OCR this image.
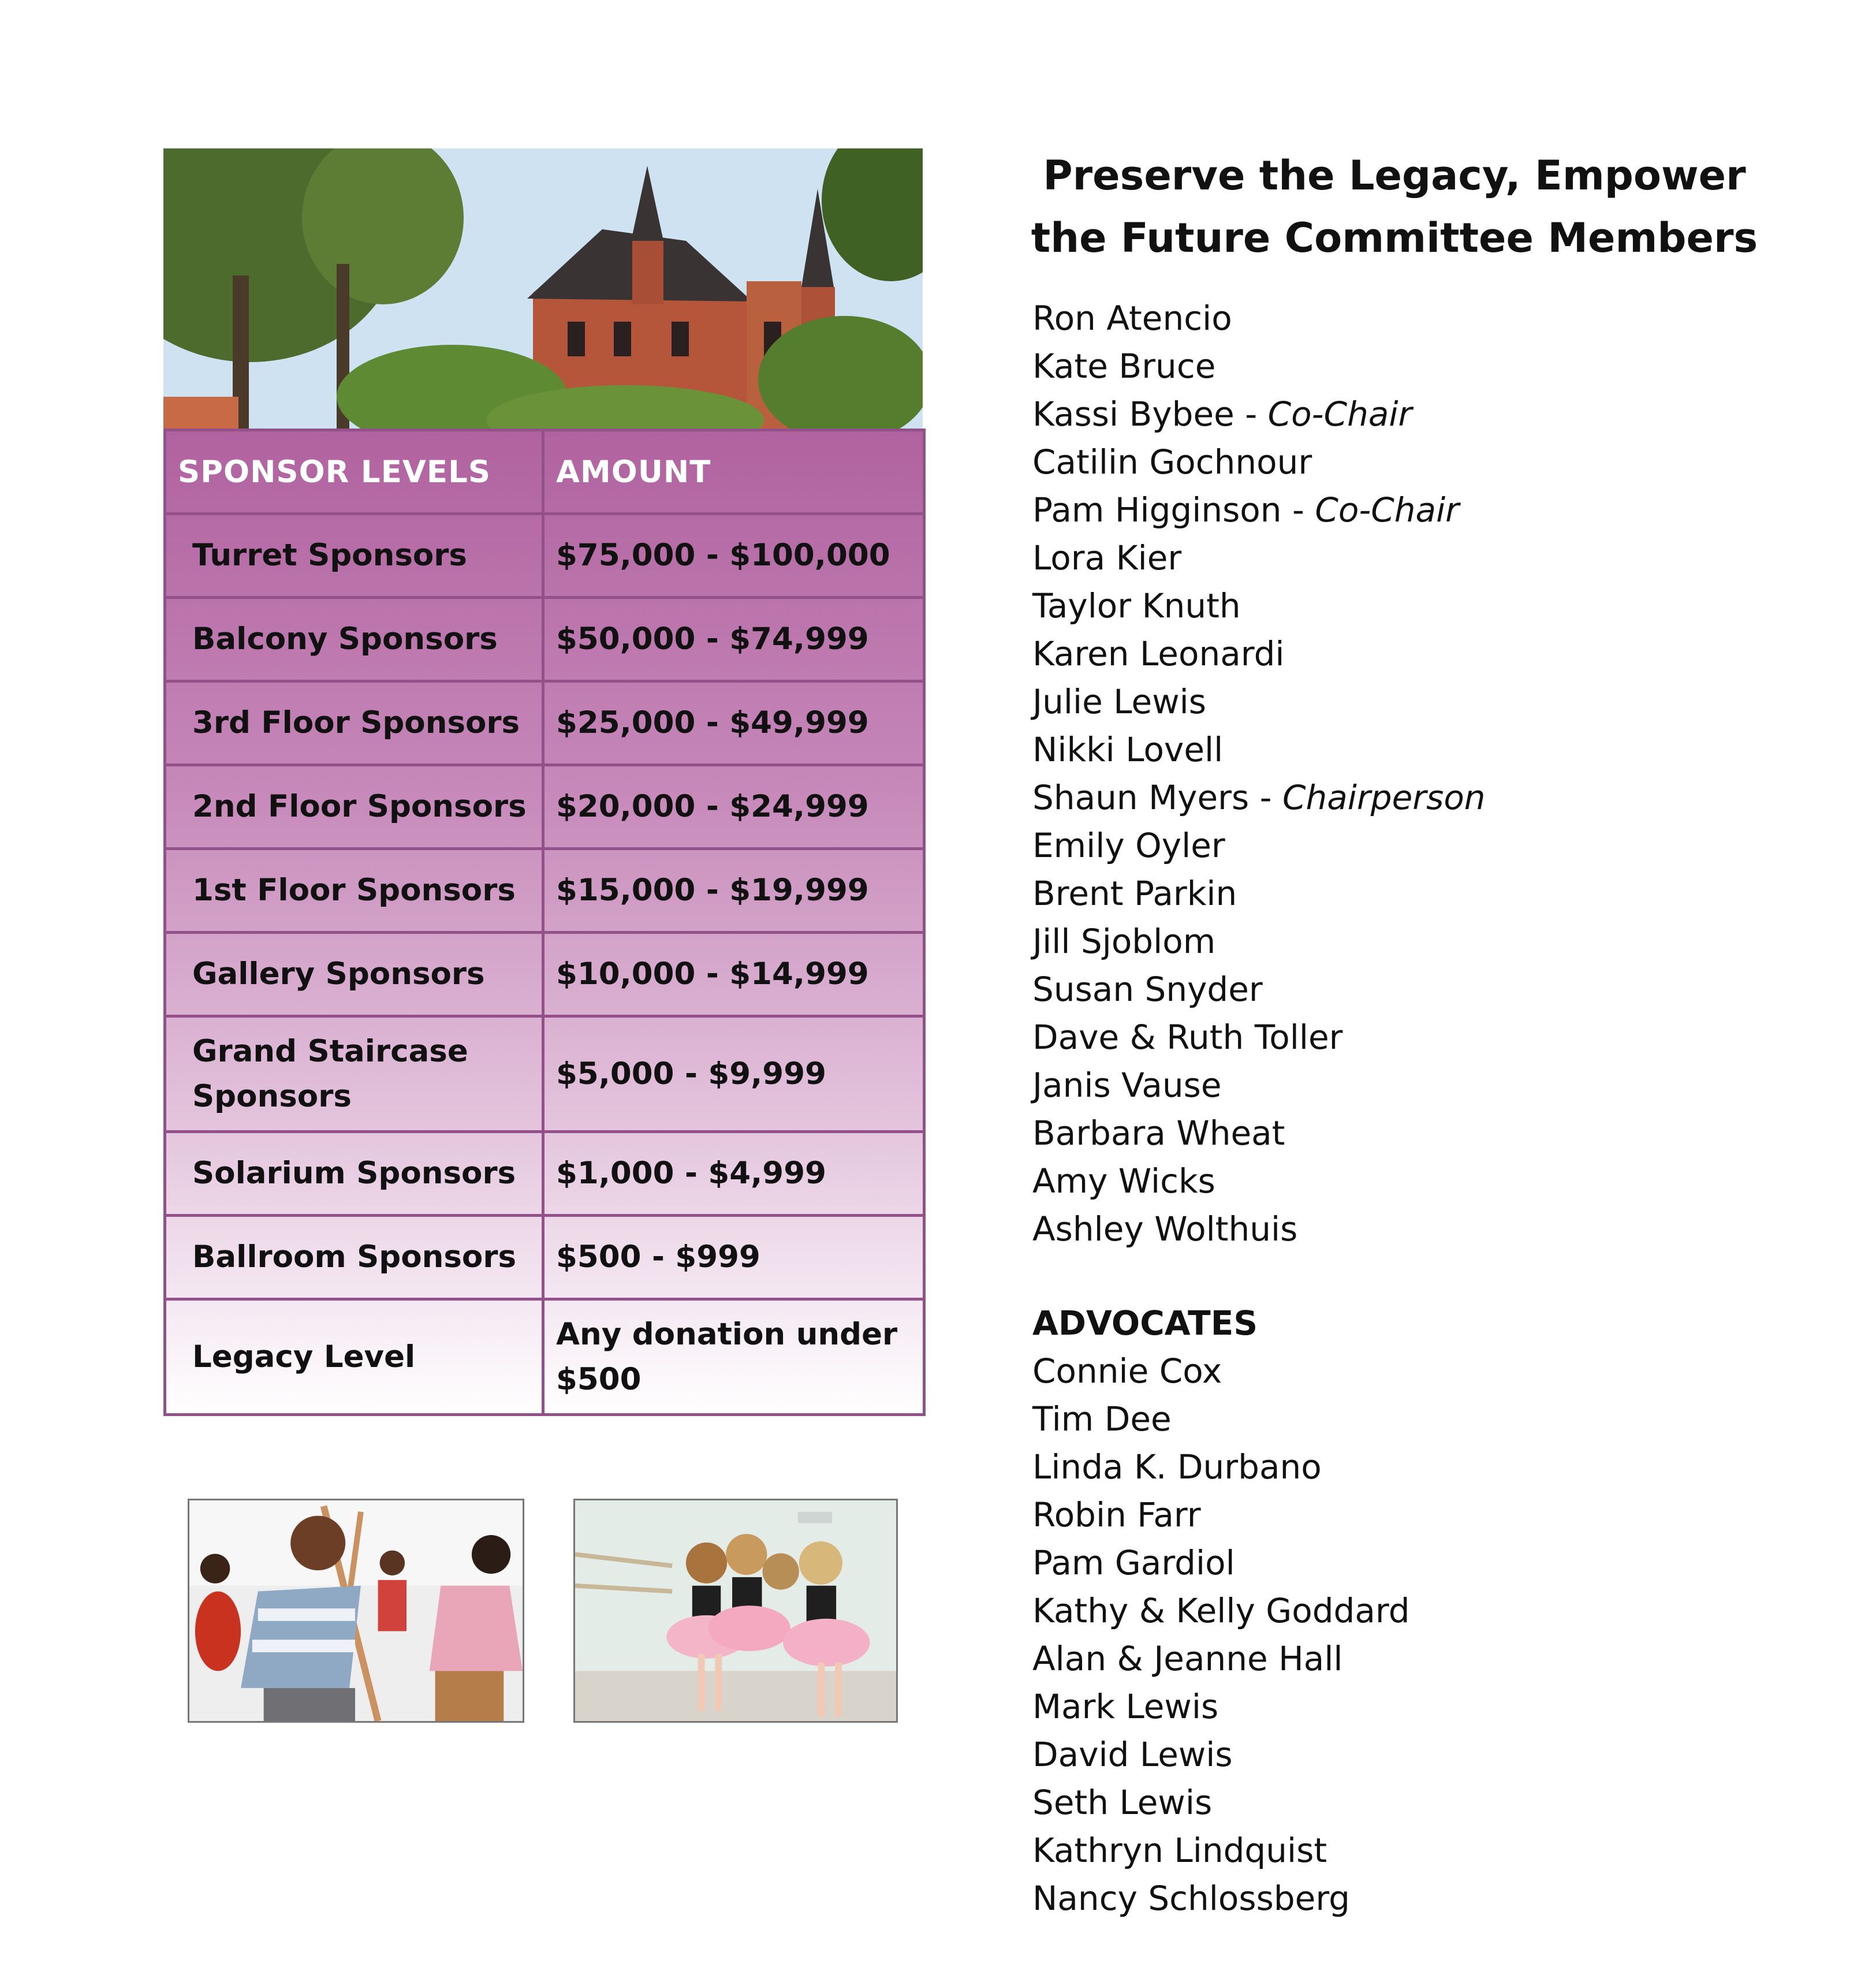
SPONSOR LEVELS	AMOUNT
Turret Sponsors	$75,000 - $100,000
Balcony Sponsors	$50,000 - $74,999
3rd Floor Sponsors	$25,000 - $49,999
2nd Floor Sponsors	$20,000 - $24,999
1st Floor Sponsors	$15,000 - $19,999
Gallery Sponsors	$10,000 - $14,999
Grand Staircase Sponsors	$5,000 - $9,999
Solarium Sponsors	$1,000 - $4,999
Ballroom Sponsors	$500 - $999
Legacy Level	Any donation under $500
Preserve the Legacy, Empower the Future Committee Members
Ron Atencio
Kate Bruce
Kassi Bybee - Co-Chair
Catilin Gochnour
Pam Higginson - Co-Chair
Lora Kier
Taylor Knuth
Karen Leonardi
Julie Lewis
Nikki Lovell
Shaun Myers - Chairperson
Emily Oyler
Brent Parkin
Jill Sjoblom
Susan Snyder
Dave & Ruth Toller
Janis Vause
Barbara Wheat
Amy Wicks
Ashley Wolthuis
ADVOCATES
Connie Cox
Tim Dee
Linda K. Durbano
Robin Farr
Pam Gardiol
Kathy & Kelly Goddard
Alan & Jeanne Hall
Mark Lewis
David Lewis
Seth Lewis
Kathryn Lindquist
Nancy Schlossberg
